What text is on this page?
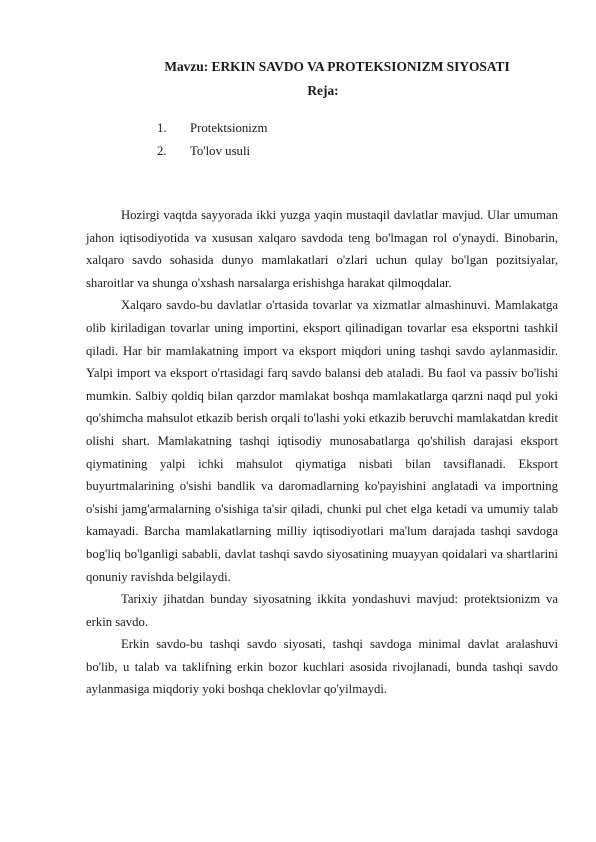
Mavzu: ERKIN SAVDO VA PROTEKSIONIZM SIYOSATI
Reja:
1. Protektsionizm
2. To'lov usuli

Hozirgi vaqtda sayyorada ikki yuzga yaqin mustaqil davlatlar mavjud. Ular umuman jahon iqtisodiyotida va xususan xalqaro savdoda teng bo'lmagan rol o'ynaydi. Binobarin, xalqaro savdo sohasida dunyo mamlakatlari o'zlari uchun qulay bo'lgan pozitsiyalar, sharoitlar va shunga o'xshash narsalarga erishishga harakat qilmoqdalar.

Xalqaro savdo-bu davlatlar o'rtasida tovarlar va xizmatlar almashinuvi. Mamlakatga olib kiriladigan tovarlar uning importini, eksport qilinadigan tovarlar esa eksportni tashkil qiladi. Har bir mamlakatning import va eksport miqdori uning tashqi savdo aylanmasidir. Yalpi import va eksport o'rtasidagi farq savdo balansi deb ataladi. Bu faol va passiv bo'lishi mumkin. Salbiy qoldiq bilan qarzdor mamlakat boshqa mamlakatlarga qarzni naqd pul yoki qo'shimcha mahsulot etkazib berish orqali to'lashi yoki etkazib beruvchi mamlakatdan kredit olishi shart. Mamlakatning tashqi iqtisodiy munosabatlarga qo'shilish darajasi eksport qiymatining yalpi ichki mahsulot qiymatiga nisbati bilan tavsiflanadi. Eksport buyurtmalarining o'sishi bandlik va daromadlarning ko'payishini anglatadi va importning o'sishi jamg'armalarning o'sishiga ta'sir qiladi, chunki pul chet elga ketadi va umumiy talab kamayadi. Barcha mamlakatlarning milliy iqtisodiyotlari ma'lum darajada tashqi savdoga bog'liq bo'lganligi sababli, davlat tashqi savdo siyosatining muayyan qoidalari va shartlarini qonuniy ravishda belgilaydi.

Tarixiy jihatdan bunday siyosatning ikkita yondashuvi mavjud: protektsionizm va erkin savdo.

Erkin savdo-bu tashqi savdo siyosati, tashqi savdoga minimal davlat aralashuvi bo'lib, u talab va taklifning erkin bozor kuchlari asosida rivojlanadi, bunda tashqi savdo aylanmasiga miqdoriy yoki boshqa cheklovlar qo'yilmaydi.
